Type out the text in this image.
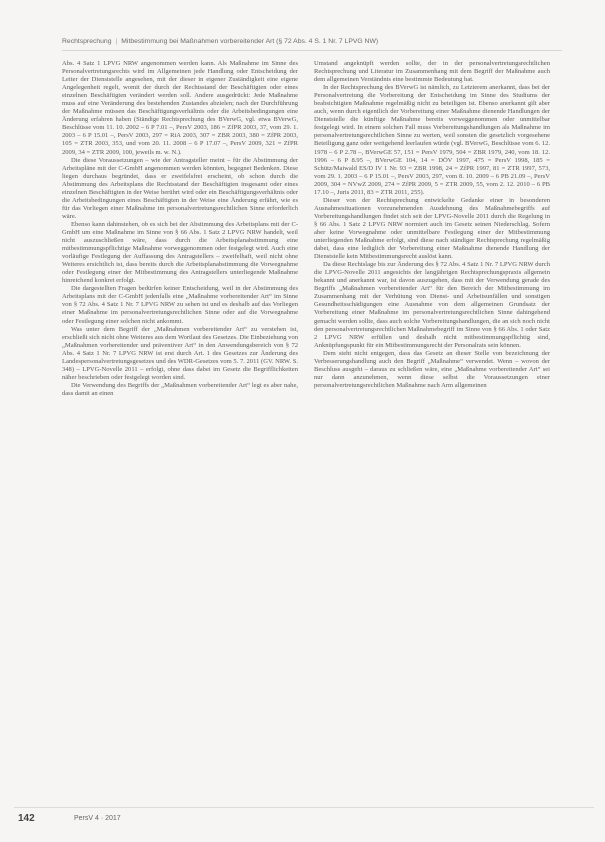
Rechtsprechung | Mitbestimmung bei Maßnahmen vorbereitender Art (§ 72 Abs. 4 S. 1 Nr. 7 LPVG NW)

Abs. 4 Satz 1 LPVG NRW angenommen werden kann. Als Maßnahme im Sinne des Personalvertretungsrechts wird im Allgemeinen jede Handlung oder Entscheidung der Leiter der Dienststelle angesehen, mit der dieser in eigener Zuständigkeit eine eigene Angelegenheit regelt, womit der durch der Rechtsstand der Beschäftigten oder eines einzelnen Beschäftigten verändert werden soll. Andere ausgedrückt: Jede Maßnahme muss auf eine Veränderung des bestehenden Zustandes abzielen; nach der Durchführung der Maßnahme müssen das Beschäftigungsverhältnis oder die Arbeitsbedingungen eine Änderung erfahren haben (Ständige Rechtsprechung des BVerwG, vgl. etwa BVerwG, Beschlüsse vom 11. 10. 2002 – 6 P 7.01 –, PersV 2003, 186 = ZfPR 2003, 37, vom 29. 1. 2003 – 6 P 15.01 –, PersV 2003, 297 = RiA 2003, 307 = ZBR 2003, 380 = ZfPR 2003, 105 = ZTR 2003, 353, und vom 20. 11. 2008 – 6 P 17.07 –, PersV 2009, 321 = ZfPR 2009, 34 = ZTR 2009, 100, jeweils m. w. N.).

Die diese Voraussetzungen – wie der Antragsteller meint – für die Abstimmung der Arbeitspläne mit der C-GmbH angenommen werden könnten, begegnet Bedenken. Diese liegen durchaus begründet, dass er zweifelsfrei erscheint, ob schon durch die Abstimmung des Arbeitsplans die Rechtsstand der Beschäftigten insgesamt oder eines einzelnen Beschäftigten in der Weise berührt wird oder ein Beschäftigungsverhältnis oder die Arbeitsbedingungen eines Beschäftigten in der Weise eine Änderung erfährt, wie es für das Vorliegen einer Maßnahme im personalvertretungsrechtlichen Sinne erforderlich wäre.

Ebenso kann dahinstehen, ob es sich bei der Abstimmung des Arbeitsplans mit der C-GmbH um eine Maßnahme im Sinne von § 66 Abs. 1 Satz 2 LPVG NRW handelt, weil nicht auszuschließen wäre, dass durch die Arbeitsplanabstimmung eine mitbestimmungspflichtige Maßnahme vorweggenommen oder festgelegt wird. Auch eine vorläufige Festlegung der Auffassung des Antragstellers – zweifelhaft, weil nicht ohne Weiteres ersichtlich ist, dass bereits durch die Arbeitsplanabstimmung die Vorwegnahme oder Festlegung einer der Mitbestimmung des Antragstellers unterliegende Maßnahme hinreichend konkret erfolgt.

Die dargestellten Fragen bedürfen keiner Entscheidung, weil in der Abstimmung des Arbeitsplans mit der C-GmbH jedenfalls eine „Maßnahme vorbereitender Art“ im Sinne von § 72 Abs. 4 Satz 1 Nr. 7 LPVG NRW zu sehen ist und es deshalb auf das Vorliegen einer Maßnahme im personalvertretungsrechtlichen Sinne oder auf die Vorwegnahme oder Festlegung einer solchen nicht ankommt.

Was unter dem Begriff der „Maßnahmen vorbereitender Art“ zu verstehen ist, erschließt sich nicht ohne Weiteres aus dem Wortlaut des Gesetzes. Die Einbeziehung von „Maßnahmen vorbereitender und präventiver Art“ in den Anwendungsbereich von § 72 Abs. 4 Satz 1 Nr. 7 LPVG NRW ist erst durch Art. 1 des Gesetzes zur Änderung des Landespersonalvertretungsgesetzes und des WDR-Gesetzes vom 5. 7. 2011 (GV. NRW. S. 348) – LPVG-Novelle 2011 – erfolgt, ohne dass dabei im Gesetz die Begrifflichkeiten näher beschrieben oder festgelegt worden sind.

Die Verwendung des Begriffs der „Maßnahmen vorbereitender Art“ legt es aber nahe, dass damit an einen

Umstand angeknüpft werden sollte, der in der personalvertretungsrechtlichen Rechtsprechung und Literatur im Zusammenhang mit dem Begriff der Maßnahme auch dem allgemeinen Verständnis eine bestimmte Bedeutung hat.

In der Rechtsprechung des BVerwG ist nämlich, zu Letzterem anerkannt, dass bei der Personalvertretung die Vorbereitung der Entscheidung im Sinne des Studiums der beabsichtigten Maßnahme regelmäßig nicht zu beteiligen ist. Ebenso anerkannt gilt aber auch, wenn durch eigentlich der Vorbereitung einer Maßnahme dienende Handlungen der Dienststelle die künftige Maßnahme bereits vorweggenommen oder unmittelbar festgelegt wird. In einem solchen Fall muss Vorbereitungshandlungen als Maßnahme im personalvertretungsrechtlichen Sinne zu werten, weil sonsten die gesetzlich vorgesehene Beteiligung ganz oder weitgehend leerlaufen würde (vgl. BVerwG, Beschlüsse vom 6. 12. 1978 – 6 P 2.78 –, BVerwGE 57, 151 = PersV 1979, 504 = ZBR 1979, 240, vom 18. 12. 1996 – 6 P 8.95 –, BVerwGE 104, 14 = DÖV 1997, 475 = PersV 1998, 185 = Schütz/Maiwald ES/D IV 1 Nr. 93 = ZBR 1998, 24 = ZfPR 1997, 81 = ZTR 1997, 573, vom 29. 1. 2003 – 6 P 15.01 –, PersV 2003, 297, vom 8. 10. 2009 – 6 PB 21.09 –, PersV 2009, 304 = NVwZ 2009, 274 = ZfPR 2009, 5 = ZTR 2009, 55, vom 2. 12. 2010 – 6 PB 17.10 –, Juris 2011, 83 = ZTR 2011, 255).

Dieser von der Rechtsprechung entwickelte Gedanke einer in besonderen Ausnahmesituationen vorzunehmenden Ausdehnung des Maßnahmebegriffs auf Vorbereitungshandlungen findet sich seit der LPVG-Novelle 2011 durch die Regelung in § 66 Abs. 1 Satz 2 LPVG NRW normiert auch im Gesetz seinen Niederschlag. Sofern aber keine Vorwegnahme oder unmittelbare Festlegung einer der Mitbestimmung unterliegenden Maßnahme erfolgt, sind diese nach ständiger Rechtsprechung regelmäßig dabei, dass eine lediglich der Vorbereitung einer Maßnahme dienende Handlung der Dienststelle kein Mitbestimmungsrecht auslöst kann.

Da diese Rechtslage bis zur Änderung des § 72 Abs. 4 Satz 1 Nr. 7 LPVG NRW durch die LPVG-Novelle 2011 angesichts der langjährigen Rechtsprechungspraxis allgemein bekannt und anerkannt war, ist davon auszugehen, dass mit der Verwendung gerade des Begriffs „Maßnahmen vorbereitender Art“ für den Bereich der Mitbestimmung im Zusammenhang mit der Verhütung von Dienst- und Arbeitsunfällen und sonstigen Gesundheitsschädigungen eine Ausnahme von dem allgemeinen Grundsatz der Vorbereitung einer Maßnahme im personalvertretungsrechtlichen Sinne dahingehend gemacht werden sollte, dass auch solche Vorbereitungshandlungen, die an sich noch nicht den personalvertretungsrechtlichen Maßnahmebegriff im Sinne von § 66 Abs. 1 oder Satz 2 LPVG NRW erfüllen und deshalb nicht mitbestimmungspflichtig sind, Anknüpfungspunkt für ein Mitbestimmungsrecht der Personalrats sein können.

Dem steht nicht entgegen, dass das Gesetz an dieser Stelle von bezeichnung der Verbesserungshandlung auch den Begriff „Maßnahme“ verwendet. Wenn – wovon der Beschluss ausgeht – daraus zu schließen wäre, eine „Maßnahme vorbereitender Art“ sei nur dann anzunehmen, wenn diese selbst die Voraussetzungen einer personalvertretungsrechtlichen Maßnahme nach Arm allgemeinen

142	PersV 4 · 2017
